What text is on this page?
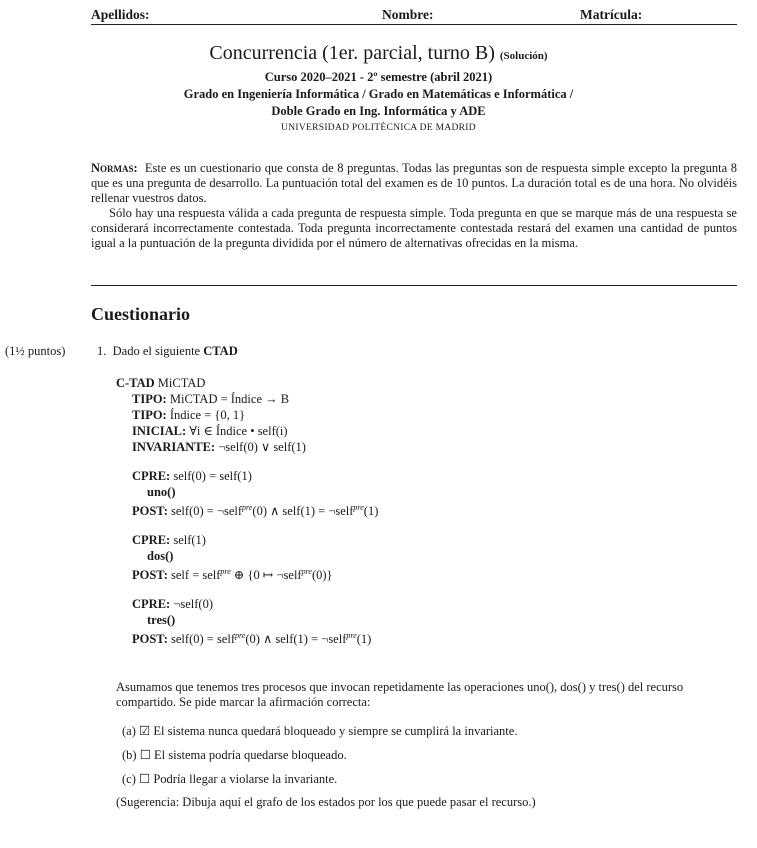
Apellidos:	Nombre:	Matrícula:
Concurrencia (1er. parcial, turno B) (Solución)
Curso 2020–2021 - 2º semestre (abril 2021)
Grado en Ingeniería Informática / Grado en Matemáticas e Informática /
Doble Grado en Ing. Informática y ADE
UNIVERSIDAD POLITÉCNICA DE MADRID

Normas: Este es un cuestionario que consta de 8 preguntas. Todas las preguntas son de respuesta simple excepto la pregunta 8 que es una pregunta de desarrollo. La puntuación total del examen es de 10 puntos. La duración total es de una hora. No olvidéis rellenar vuestros datos.

Sólo hay una respuesta válida a cada pregunta de respuesta simple. Toda pregunta en que se marque más de una respuesta se considerará incorrectamente contestada. Toda pregunta incorrectamente contestada restará del examen una cantidad de puntos igual a la puntuación de la pregunta dividida por el número de alternativas ofrecidas en la misma.

Cuestionario
(1½ puntos)	1. Dado el siguiente CTAD
C-TAD MiCTAD
TIPO: MiCTAD = Índice → B
TIPO: Índice = {0, 1}
INICIAL: ∀i ∈ Índice • self(i)
INVARIANTE: ¬self(0) ∨ self(1)
CPRE: self(0) = self(1)
uno()
POST: self(0) = ¬self$^{pre}$(0) ∧ self(1) = ¬self$^{pre}$(1)
CPRE: self(1)
dos()
POST: self = self$^{pre}$ ⊕ {0 ↦ ¬self$^{pre}$(0)}
CPRE: ¬self(0)
tres()
POST: self(0) = self$^{pre}$(0) ∧ self(1) = ¬self$^{pre}$(1)
Asumamos que tenemos tres procesos que invocan repetidamente las operaciones uno(), dos() y tres() del recurso compartido. Se pide marcar la afirmación correcta:
(a) ☑ El sistema nunca quedará bloqueado y siempre se cumplirá la invariante.
(b) ☐ El sistema podría quedarse bloqueado.
(c) ☐ Podría llegar a violarse la invariante.
(Sugerencia: Dibuja aquí el grafo de los estados por los que puede pasar el recurso.)
